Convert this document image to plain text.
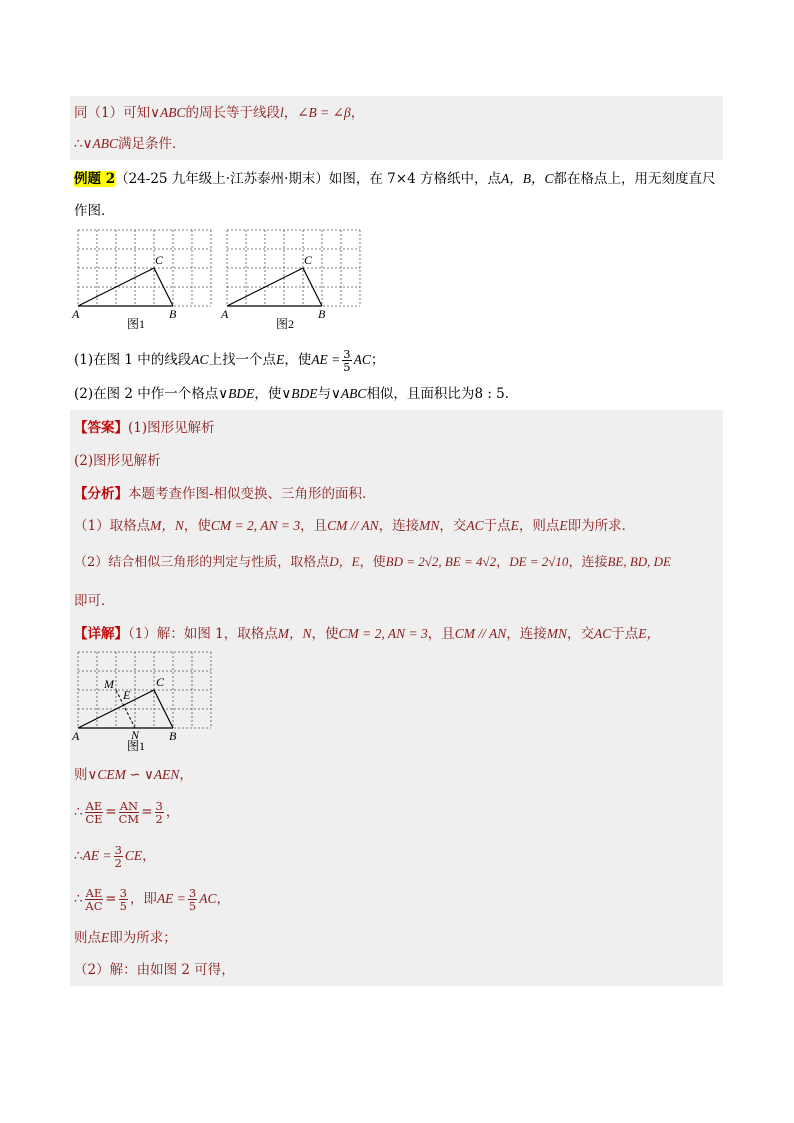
同（1）可知∨ABC的周长等于线段l，∠B = ∠β，
∴∨ABC满足条件．
例题 2（24-25 九年级上·江苏泰州·期末）如图，在 7×4 方格纸中，点A，B，C都在格点上，用无刻度直尺
作图．
A	B
C
图1
A	B
C
图2
(1)在图 1 中的线段AC上找一个点E，使AE = $\frac{3}{5}$ AC；
(2)在图 2 中作一个格点∨BDE，使∨BDE与∨ABC相似，且面积比为8 : 5．
【答案】(1)图形见解析
(2)图形见解析
【分析】本题考查作图-相似变换、三角形的面积．
（1）取格点M，N，使CM = 2, AN = 3，且CM // AN，连接MN，交AC于点E，则点E即为所求．
（2）结合相似三角形的判定与性质，取格点D，E，使BD = 2√2, BE = 4√2，DE = 2√10，连接BE, BD, DE
即可．
【详解】（1）解：如图 1，取格点M，N，使CM = 2, AN = 3，且CM // AN，连接MN，交AC于点E，
A	B
C
M
N
E
图1
则∨CEM ∽ ∨AEN，
∴ $\frac{AE}{CE} = \frac{AN}{CM} = \frac{3}{2}$ ，
∴AE = $\frac{3}{2}$ CE，
∴ $\frac{AE}{AC} = \frac{3}{5}$ ，即AE = $\frac{3}{5}$ AC，
则点E即为所求；
（2）解：由如图 2 可得，
